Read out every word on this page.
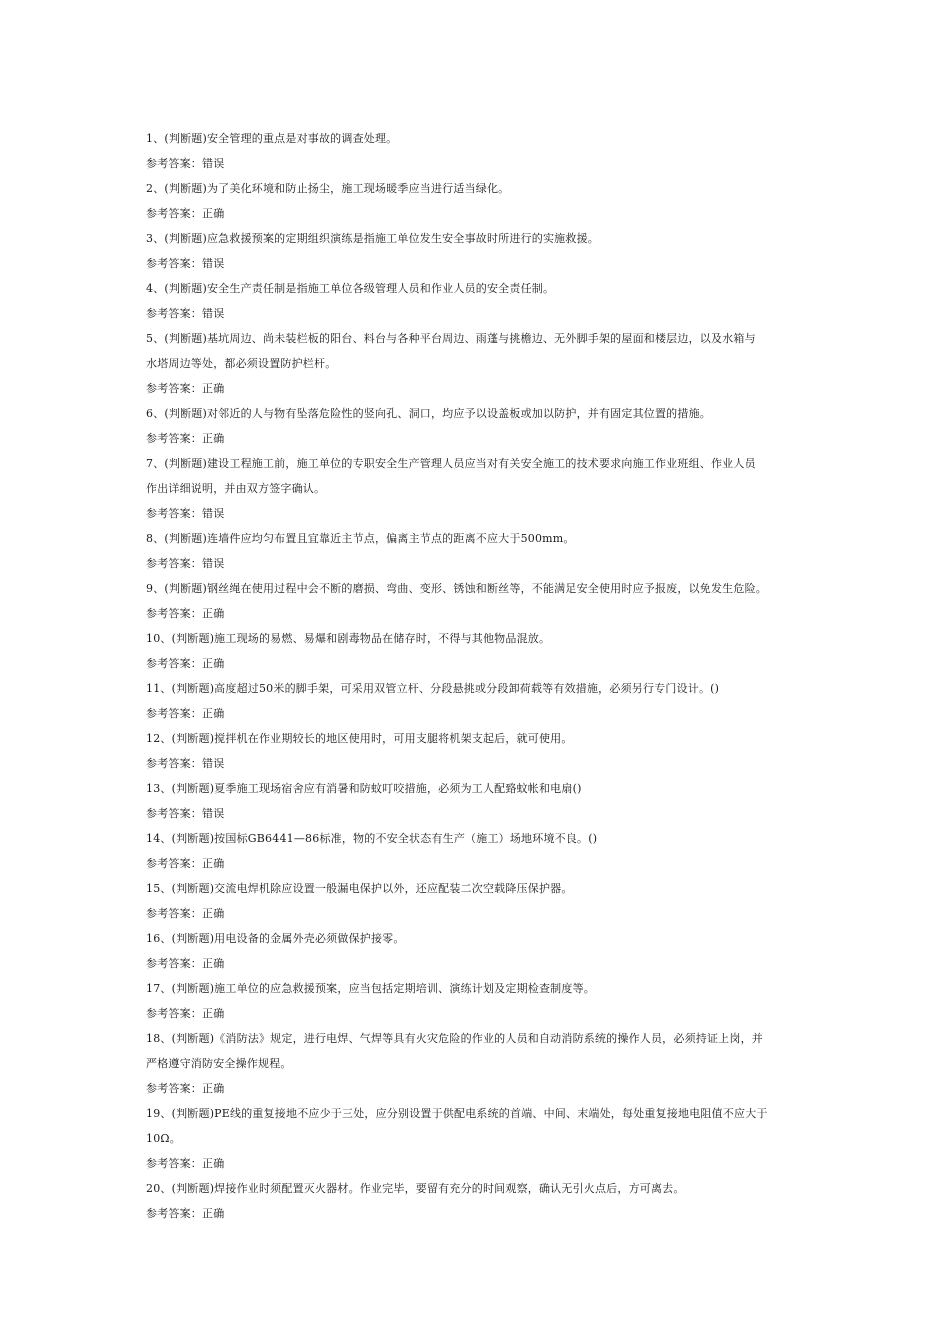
1、(判断题)安全管理的重点是对事故的调查处理。
参考答案：错误
2、(判断题)为了美化环境和防止扬尘，施工现场暖季应当进行适当绿化。
参考答案：正确
3、(判断题)应急救援预案的定期组织演练是指施工单位发生安全事故时所进行的实施救援。
参考答案：错误
4、(判断题)安全生产责任制是指施工单位各级管理人员和作业人员的安全责任制。
参考答案：错误
5、(判断题)基坑周边、尚未装栏板的阳台、料台与各种平台周边、雨蓬与挑檐边、无外脚手架的屋面和楼层边，以及水箱与
水塔周边等处，都必须设置防护栏杆。
参考答案：正确
6、(判断题)对邻近的人与物有坠落危险性的竖向孔、洞口，均应予以设盖板或加以防护，并有固定其位置的措施。
参考答案：正确
7、(判断题)建设工程施工前，施工单位的专职安全生产管理人员应当对有关安全施工的技术要求向施工作业班组、作业人员
作出详细说明，并由双方签字确认。
参考答案：错误
8、(判断题)连墙件应均匀布置且宜靠近主节点，偏离主节点的距离不应大于500mm。
参考答案：错误
9、(判断题)钢丝绳在使用过程中会不断的磨损、弯曲、变形、锈蚀和断丝等，不能满足安全使用时应予报废，以免发生危险。
参考答案：正确
10、(判断题)施工现场的易燃、易爆和剧毒物品在储存时，不得与其他物品混放。
参考答案：正确
11、(判断题)高度超过50米的脚手架，可采用双管立杆、分段悬挑或分段卸荷载等有效措施，必须另行专门设计。()
参考答案：正确
12、(判断题)搅拌机在作业期较长的地区使用时，可用支腿将机架支起后，就可使用。
参考答案：错误
13、(判断题)夏季施工现场宿舍应有消暑和防蚊叮咬措施，必须为工人配臵蚊帐和电扇()
参考答案：错误
14、(判断题)按国标GB6441—86标准，物的不安全状态有生产（施工）场地环境不良。()
参考答案：正确
15、(判断题)交流电焊机除应设置一般漏电保护以外，还应配装二次空载降压保护器。
参考答案：正确
16、(判断题)用电设备的金属外壳必须做保护接零。
参考答案：正确
17、(判断题)施工单位的应急救援预案，应当包括定期培训、演练计划及定期检查制度等。
参考答案：正确
18、(判断题)《消防法》规定，进行电焊、气焊等具有火灾危险的作业的人员和自动消防系统的操作人员，必须持证上岗，并
严格遵守消防安全操作规程。
参考答案：正确
19、(判断题)PE线的重复接地不应少于三处，应分别设置于供配电系统的首端、中间、末端处，每处重复接地电阻值不应大于
10Ω。
参考答案：正确
20、(判断题)焊接作业时须配置灭火器材。作业完毕，要留有充分的时间观察，确认无引火点后，方可离去。
参考答案：正确
